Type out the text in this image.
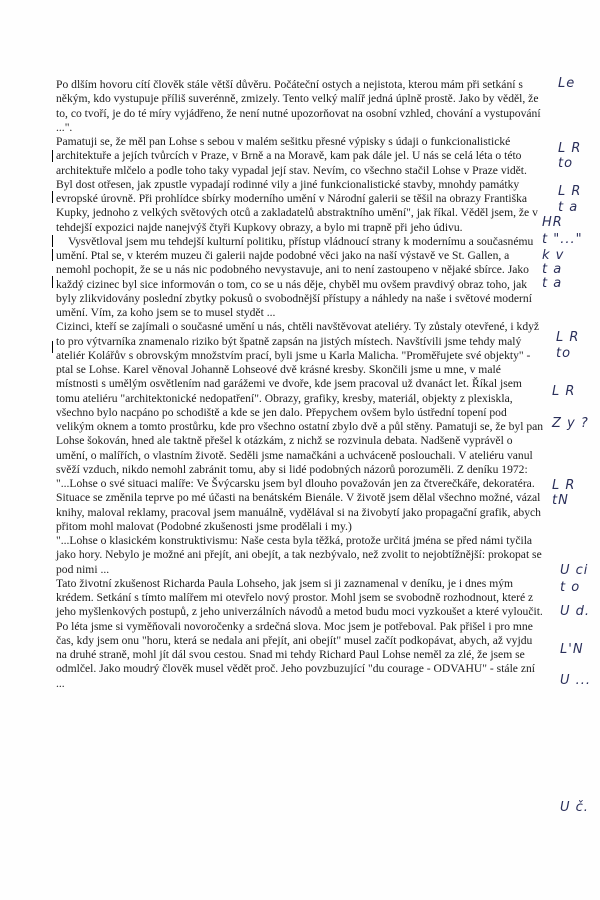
Po dlším hovoru cítí člověk stále větší důvěru. Počáteční ostych a nejistota, kterou mám při setkání s někým, kdo vystupuje příliš suverénně, zmizely. Tento velký malíř jedná úplně prostě. Jako by věděl, že to, co tvoří, je do té míry vyjádřeno, že není nutné upozorňovat na osobní vzhled, chování a vystupování ...".

Pamatuji se, že měl pan Lohse s sebou v malém sešitku přesné výpisky s údaji o funkcionalistické architektuře a jejích tvůrcích v Praze, v Brně a na Moravě, kam pak dále jel. U nás se celá léta o této architektuře mlčelo a podle toho taky vypadal její stav. Nevím, co všechno stačil Lohse v Praze vidět. Byl dost otřesen, jak zpustle vypadají rodinné vily a jiné funkcionalistické stavby, mnohdy památky evropské úrovně. Při prohlídce sbírky moderního umění v Národní galerii se těšil na obrazy Františka Kupky, jednoho z velkých světových otců a zakladatelů abstraktního umění", jak říkal. Věděl jsem, že v tehdejší expozici najde nanejvýš čtyři Kupkovy obrazy, a bylo mi trapně při jeho údivu.

Vysvětloval jsem mu tehdejší kulturní politiku, přístup vládnoucí strany k modernímu a současnému umění. Ptal se, v kterém muzeu či galerii najde podobné věci jako na naší výstavě ve St. Gallen, a nemohl pochopit, že se u nás nic podobného nevystavuje, ani to není zastoupeno v nějaké sbírce. Jako každý cizinec byl sice informován o tom, co se u nás děje, chyběl mu ovšem pravdivý obraz toho, jak byly zlikvidovány poslední zbytky pokusů o svobodnější přístupy a náhledy na naše i světové moderní umění. Vím, za koho jsem se to musel stydět ...

Cizinci, kteří se zajímali o současné umění u nás, chtěli navštěvovat ateliéry. Ty zůstaly otevřené, i když to pro výtvarníka znamenalo riziko být špatně zapsán na jistých místech. Navštívili jsme tehdy malý ateliér Kolářův s obrovským množstvím prací, byli jsme u Karla Malicha. "Proměřujete své objekty" - ptal se Lohse. Karel věnoval Johanně Lohseové dvě krásné kresby. Skončili jsme u mne, v malé místnosti s umělým osvětlením nad garážemi ve dvoře, kde jsem pracoval už dvanáct let. Říkal jsem tomu ateliéru "architektonické nedopatření". Obrazy, grafiky, kresby, materiál, objekty z plexiskla, všechno bylo nacpáno po schodiště a kde se jen dalo. Přepychem ovšem bylo ústřední topení pod velikým oknem a tomto prostůrku, kde pro všechno ostatní zbylo dvě a půl stěny. Pamatuji se, že byl pan Lohse šokován, hned ale taktně přešel k otázkám, z nichž se rozvinula debata. Nadšeně vyprávěl o umění, o malířích, o vlastním životě. Seděli jsme namačkáni a uchváceně poslouchali. V ateliéru vanul svěží vzduch, nikdo nemohl zabránit tomu, aby si lidé podobných názorů porozuměli. Z deníku 1972:

"...Lohse o své situaci malíře: Ve Švýcarsku jsem byl dlouho považován jen za čtverečkáře, dekoratéra. Situace se změnila teprve po mé účasti na benátském Bienále. V životě jsem dělal všechno možné, vázal knihy, maloval reklamy, pracoval jsem manuálně, vydělával si na živobytí jako propagační grafik, abych přitom mohl malovat (Podobné zkušenosti jsme prodělali i my.)

"...Lohse o klasickém konstruktivismu: Naše cesta byla těžká, protože určitá jména se před námi tyčila jako hory. Nebylo je možné ani přejít, ani obejít, a tak nezbývalo, než zvolit to nejobtížnější: prokopat se pod nimi ...

Tato životní zkušenost Richarda Paula Lohseho, jak jsem si ji zaznamenal v deníku, je i dnes mým krédem. Setkání s tímto malířem mi otevřelo nový prostor. Mohl jsem se svobodně rozhodnout, které z jeho myšlenkových postupů, z jeho univerzálních návodů a metod budu moci vyzkoušet a které vyloučit.

Po léta jsme si vyměňovali novoročenky a srdečná slova. Moc jsem je potřeboval. Pak přišel i pro mne čas, kdy jsem onu "horu, která se nedala ani přejít, ani obejít" musel začít podkopávat, abych, až vyjdu na druhé straně, mohl jít dál svou cestou. Snad mi tehdy Richard Paul Lohse neměl za zlé, že jsem se odmlčel. Jako moudrý člověk musel vědět proč. Jeho povzbuzující "du courage - ODVAHU" - stále zní ...

Le
L R
to
L R
t a
HR
t "..."
k v
t a
t a
L R
to
L R
Z y ?
L R
tN
U ci
t o
U d.
L'N
U ...
U č.
